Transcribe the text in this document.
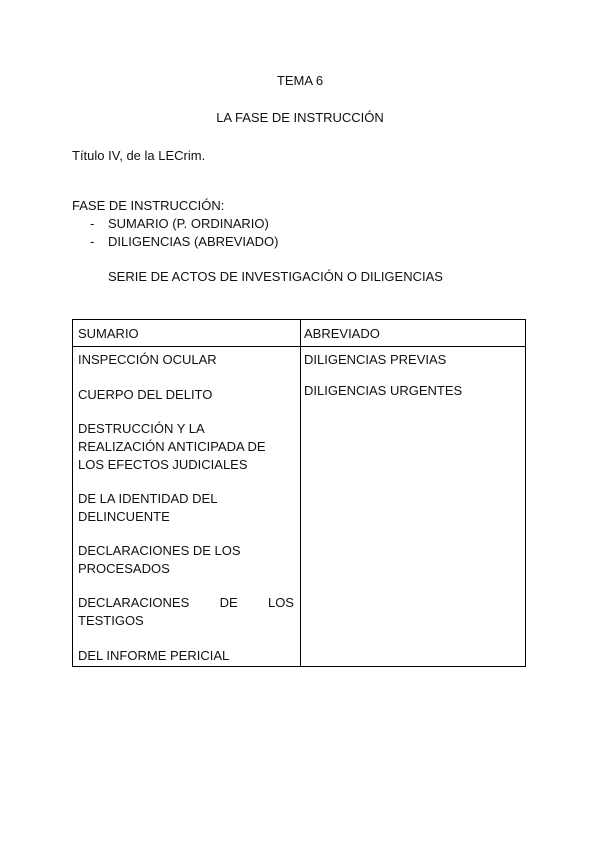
TEMA 6
LA FASE DE INSTRUCCIÓN
Título IV, de la LECrim.
FASE DE INSTRUCCIÓN:
- SUMARIO (P. ORDINARIO)
- DILIGENCIAS (ABREVIADO)
SERIE DE ACTOS DE INVESTIGACIÓN O DILIGENCIAS
SUMARIO	ABREVIADO
INSPECCIÓN OCULAR
CUERPO DEL DELITO
DESTRUCCIÓN Y LA
REALIZACIÓN ANTICIPADA DE
LOS EFECTOS JUDICIALES
DE LA IDENTIDAD DEL
DELINCUENTE
DECLARACIONES DE LOS
PROCESADOS
DECLARACIONES DE LOS
TESTIGOS
DEL INFORME PERICIAL
DILIGENCIAS PREVIAS
DILIGENCIAS URGENTES
